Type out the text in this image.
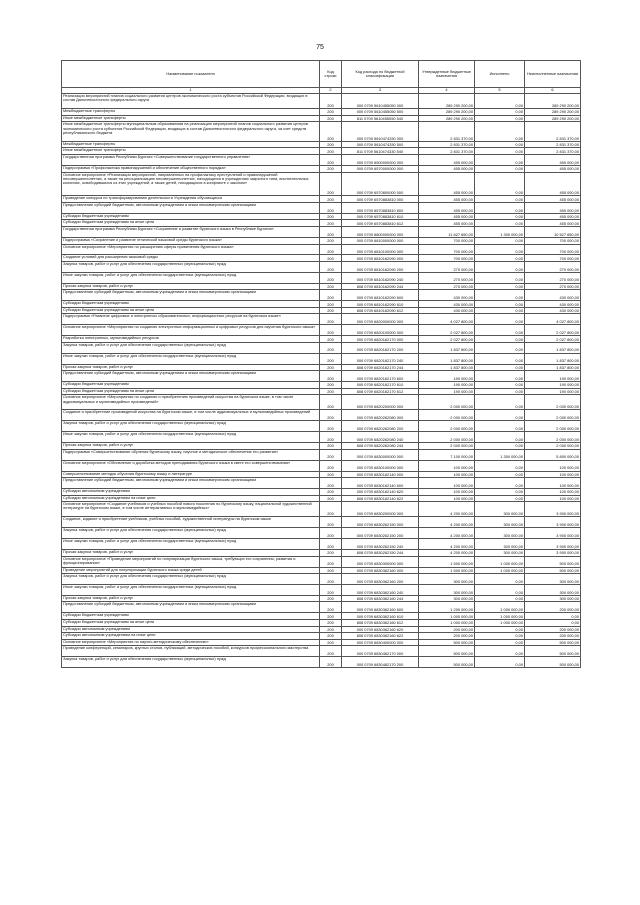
75
Наименование показателя	Код строки	Код расхода по бюджетной классификации	Утвержденные бюджетные назначения	Исполнено	Неисполненные назначения
1	2	3	4	5	6
Реализация мероприятий планов социального развития центров экономического роста субъектов Российской Федерации, входящих в состав Дальневосточного федерального округа	200	000 0709 5610455050 000	289 290 200,00	0,00	289 290 200,00
Межбюджетные трансферты	200	000 0709 5610455050 500	289 290 200,00	0,00	289 290 200,00
Иные межбюджетные трансферты	200	811 0709 5610455050 540	289 290 200,00	0,00	289 290 200,00
Иные межбюджетные трансферты муниципальным образованиям на реализацию мероприятий планов социального развития центров экономического роста субъектов Российской Федерации, входящих в состав Дальневосточного федерального округа, за счет средств республиканского бюджета	200	000 0709 5610474330 000	2 831 370,00	0,00	2 831 370,00
Межбюджетные трансферты	200	000 0709 5610474330 500	2 831 370,00	0,00	2 831 370,00
Иные межбюджетные трансферты	200	811 0709 5610474330 540	2 831 370,00	0,00	2 831 370,00
Государственная программа Республики Бурятия «Совершенствование государственного управления»	200	000 0709 6500000000 000	455 000,00	0,00	455 000,00
Подпрограмма «Профилактика правонарушений и обеспечение общественного порядка»	200	000 0709 6570000000 000	455 000,00	0,00	455 000,00
Основное мероприятие «Реализация мероприятий, направленных на профилактику преступлений и правонарушений несовершеннолетних, а также на ресоциализацию несовершеннолетних, находящихся в учреждениях закрытого типа, воспитательных колониях, освободившихся из этих учреждений, а также детей, находящихся в конфликте с законом»	200	000 0709 6570800000 000	455 000,00	0,00	455 000,00
Проведение конкурса по трансформированию деятельности Учреждения обучающихся	200	000 0709 6570883810 000	455 000,00	0,00	455 000,00
Предоставление субсидий бюджетным, автономным учреждениям и иным некоммерческим организациям	200	000 0709 6570883810 600	455 000,00	0,00	455 000,00
Субсидии бюджетным учреждениям	200	000 0709 6570883810 610	455 000,00	0,00	455 000,00
Субсидии бюджетным учреждениям на иные цели	200	000 0709 6570883810 612	455 000,00	0,00	455 000,00
Государственная программа Республики Бурятия «Сохранение и развитие бурятского языка в Республике Бурятия»	200	000 0709 6800000000 000	11 827 650,00	1 300 000,00	10 527 650,00
Подпрограмма «Сохранение и развитие этнической языковой среды бурятского языка»	200	000 0709 6810000000 000	700 000,00	0,00	700 000,00
Основное мероприятие «Мероприятия по расширению сферы применения бурятского языка»	200	000 0709 6810100000 000	700 000,00	0,00	700 000,00
Создание условий для расширения языковой среды	200	000 0709 6810162090 000	700 000,00	0,00	700 000,00
Закупка товаров, работ и услуг для обеспечения государственных (муниципальных) нужд	200	000 0709 6810162090 200	270 000,00	0,00	270 000,00
Иные закупки товаров, работ и услуг для обеспечения государственных (муниципальных) нужд	200	000 0709 6810162090 240	270 000,00	0,00	270 000,00
Прочая закупка товаров, работ и услуг	200	808 0709 6810162090 244	270 000,00	0,00	270 000,00
Предоставление субсидий бюджетным, автономным учреждениям и иным некоммерческим организациям	200	000 0709 6810162090 600	430 000,00	0,00	430 000,00
Субсидии бюджетным учреждениям	200	000 0709 6810162090 610	430 000,00	0,00	430 000,00
Субсидии бюджетным учреждениям на иные цели	200	808 0709 6810162090 612	430 000,00	0,00	430 000,00
Подпрограмма «Развитие цифровых и электронных образовательных, информационных ресурсов на бурятском языке»	200	000 0709 6820000000 000	4 027 800,00	0,00	4 027 800,00
Основное мероприятие «Мероприятия по созданию электронных информационных и цифровых ресурсов для изучения бурятского языка»	200	000 0709 6820100000 000	2 027 800,00	0,00	2 027 800,00
Разработка электронных, мультимедийных ресурсов	200	000 0709 6820162170 000	2 027 800,00	0,00	2 027 800,00
Закупка товаров, работ и услуг для обеспечения государственных (муниципальных) нужд	200	000 0709 6820162170 200	1 837 800,00	0,00	1 837 800,00
Иные закупки товаров, работ и услуг для обеспечения государственных (муниципальных) нужд	200	000 0709 6820162170 240	1 837 800,00	0,00	1 837 800,00
Прочая закупка товаров, работ и услуг	200	808 0709 6820162170 244	1 837 800,00	0,00	1 837 800,00
Предоставление субсидий бюджетным, автономным учреждениям и иным некоммерческим организациям	200	000 0709 6820162170 600	190 000,00	0,00	190 000,00
Субсидии бюджетным учреждениям	200	000 0709 6820162170 610	190 000,00	0,00	190 000,00
Субсидии бюджетным учреждениям на иные цели	200	808 0709 6820162170 612	190 000,00	0,00	190 000,00
Основное мероприятие «Мероприятия по созданию и приобретению произведений искусства на бурятском языке, в том числе аудиовизуальных и мультимедийных произведений»	200	000 0709 6820200000 000	2 000 000,00	0,00	2 000 000,00
Создание и приобретение произведений искусства на бурятском языке, в том числе аудиовизуальных и мультимедийных произведений	200	000 0709 6820262080 000	2 000 000,00	0,00	2 000 000,00
Закупка товаров, работ и услуг для обеспечения государственных (муниципальных) нужд	200	000 0709 6820262080 200	2 000 000,00	0,00	2 000 000,00
Иные закупки товаров, работ и услуг для обеспечения государственных (муниципальных) нужд	200	000 0709 6820262080 240	2 000 000,00	0,00	2 000 000,00
Прочая закупка товаров, работ и услуг	200	808 0709 6820262080 244	2 000 000,00	0,00	2 000 000,00
Подпрограмма «Совершенствование обучения бурятскому языку, научное и методическое обеспечение его развития»	200	000 0709 6830000000 000	7 100 000,00	1 300 000,00	5 800 000,00
Основное мероприятие «Обновление и доработка методов преподавания бурятского языка в свете его совершенствования»	200	000 0709 6830100000 000	100 000,00	0,00	100 000,00
Совершенствование методик обучения бурятскому языку и литературе	200	000 0709 6830162140 000	100 000,00	0,00	100 000,00
Предоставление субсидий бюджетным, автономным учреждениям и иным некоммерческим организациям	200	000 0709 6830162140 600	100 000,00	0,00	100 000,00
Субсидии автономным учреждениям	200	000 0709 6830162140 620	100 000,00	0,00	100 000,00
Субсидии автономным учреждениям на иные цели	200	808 0709 6830162140 622	100 000,00	0,00	100 000,00
Основное мероприятие «Создание учебников и учебных пособий нового поколения по бурятскому языку, национальной художественной литературе на бурятском языке, в том числе интерактивных и мультимедийных»	200	000 0709 6830200000 000	4 200 000,00	300 000,00	3 900 000,00
Создание, издание и приобретение учебников, учебных пособий, художественной литературы на бурятском языке	200	000 0709 6830262150 000	4 200 000,00	300 000,00	3 900 000,00
Закупка товаров, работ и услуг для обеспечения государственных (муниципальных) нужд	200	000 0709 6830262150 200	4 200 000,00	300 000,00	3 900 000,00
Иные закупки товаров, работ и услуг для обеспечения государственных (муниципальных) нужд	200	000 0709 6830262150 240	4 200 000,00	300 000,00	3 900 000,00
Прочая закупка товаров, работ и услуг	200	808 0709 6830262150 244	4 200 000,00	300 000,00	3 900 000,00
Основное мероприятие «Проведение мероприятий по популяризации бурятского языка, требующих его сохранения, развития и функционирования»	200	000 0709 6830300000 000	1 500 000,00	1 000 000,00	500 000,00
Проведение мероприятий для популяризации бурятского языка среди детей	200	000 0709 6830362160 000	1 500 000,00	1 000 000,00	500 000,00
Закупка товаров, работ и услуг для обеспечения государственных (муниципальных) нужд	200	000 0709 6830362160 200	300 000,00	0,00	300 000,00
Иные закупки товаров, работ и услуг для обеспечения государственных (муниципальных) нужд	200	000 0709 6830362160 240	300 000,00	0,00	300 000,00
Прочая закупка товаров, работ и услуг	200	808 0709 6830362160 244	300 000,00	0,00	300 000,00
Предоставление субсидий бюджетным, автономным учреждениям и иным некоммерческим организациям	200	000 0709 6830362160 600	1 200 000,00	1 000 000,00	200 000,00
Субсидии бюджетным учреждениям	200	000 0709 6830362160 610	1 000 000,00	1 000 000,00	0,00
Субсидии бюджетным учреждениям на иные цели	200	808 0709 6830362160 612	1 000 000,00	1 000 000,00	0,00
Субсидии автономным учреждениям	200	000 0709 6830362160 620	200 000,00	0,00	200 000,00
Субсидии автономным учреждениям на иные цели	200	808 0709 6830362160 622	200 000,00	0,00	200 000,00
Основное мероприятие «Мероприятия по научно-методическому обеспечению»	200	000 0709 6830400000 000	500 000,00	0,00	500 000,00
Проведение конференций, семинаров, круглых столов, публикаций, методических пособий, конкурсов профессионального мастерства	200	000 0709 6830462170 000	500 000,00	0,00	500 000,00
Закупка товаров, работ и услуг для обеспечения государственных (муниципальных) нужд	200	000 0709 6830462170 200	500 000,00	0,00	500 000,00
